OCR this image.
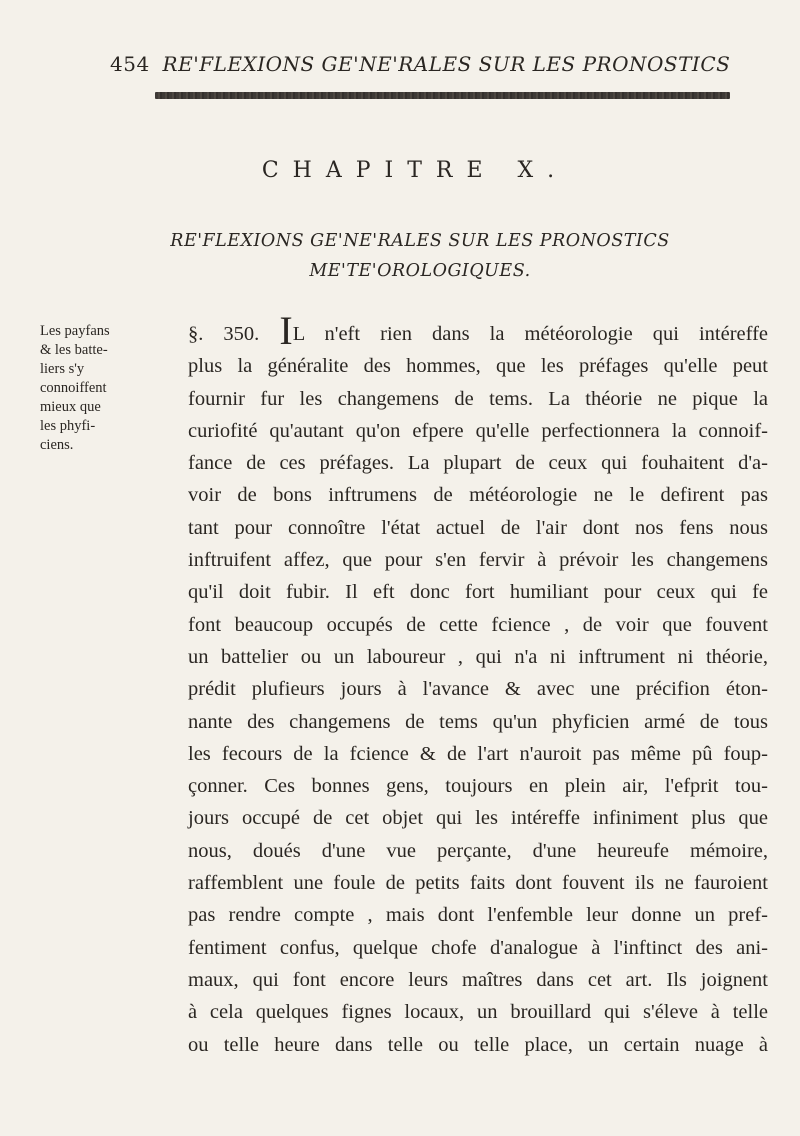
454 RE'FLEXIONS GE'NE'RALES SUR LES PRONOSTICS
CHAPITRE X.
RE'FLEXIONS GE'NE'RALES SUR LES PRONOSTICS
ME'TE'OROLOGIQUES.
Les payfans
& les batte-
liers s'y
connoiffent
mieux que
les phyfi-
ciens.
§. 350. IL n'eft rien dans la météorologie qui intéreffe
plus la généralite des hommes, que les préfages qu'elle peut
fournir fur les changemens de tems. La théorie ne pique la
curiofité qu'autant qu'on efpere qu'elle perfectionnera la connoif-
fance de ces préfages. La plupart de ceux qui fouhaitent d'a-
voir de bons inftrumens de météorologie ne le defirent pas
tant pour connoître l'état actuel de l'air dont nos fens nous
inftruifent affez, que pour s'en fervir à prévoir les changemens
qu'il doit fubir. Il eft donc fort humiliant pour ceux qui fe
font beaucoup occupés de cette fcience , de voir que fouvent
un battelier ou un laboureur , qui n'a ni inftrument ni théorie,
prédit plufieurs jours à l'avance & avec une précifion éton-
nante des changemens de tems qu'un phyficien armé de tous
les fecours de la fcience & de l'art n'auroit pas même pû foup-
çonner. Ces bonnes gens, toujours en plein air, l'efprit tou-
jours occupé de cet objet qui les intéreffe infiniment plus que
nous, doués d'une vue perçante, d'une heureufe mémoire,
raffemblent une foule de petits faits dont fouvent ils ne fauroient
pas rendre compte , mais dont l'enfemble leur donne un pref-
fentiment confus, quelque chofe d'analogue à l'inftinct des ani-
maux, qui font encore leurs maîtres dans cet art. Ils joignent
à cela quelques fignes locaux, un brouillard qui s'éleve à telle
ou telle heure dans telle ou telle place, un certain nuage à
